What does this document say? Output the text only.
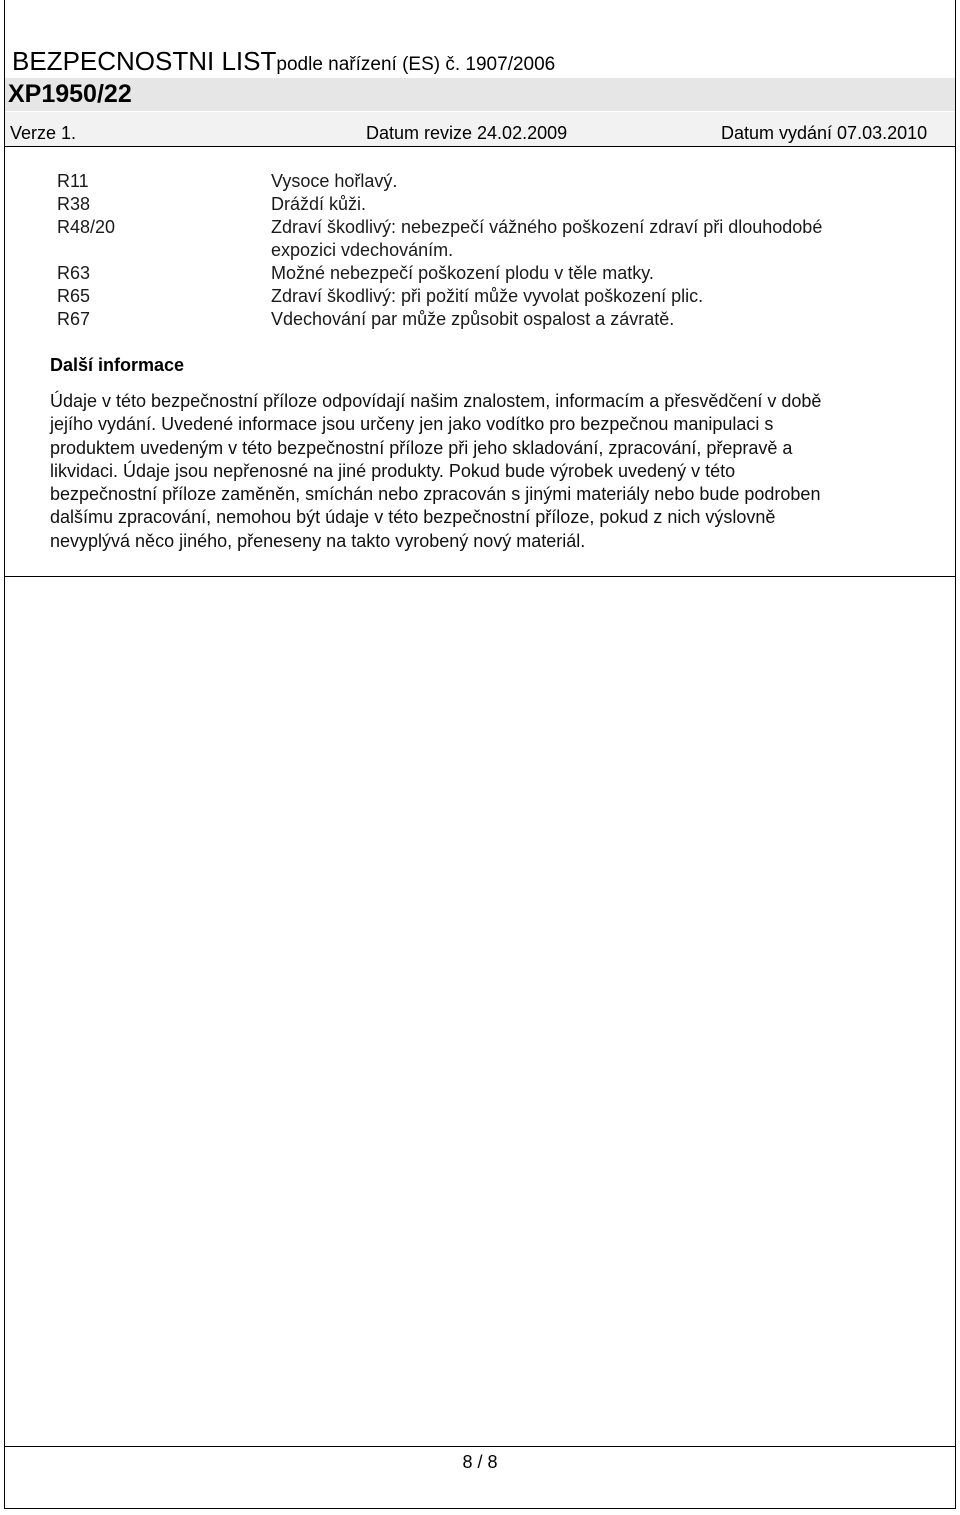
BEZPECNOSTNI LISTpodle nařízení (ES) č. 1907/2006
XP1950/22
Verze 1.	Datum revize 24.02.2009	Datum vydání 07.03.2010
R11	Vysoce hořlavý.
R38	Dráždí kůži.
R48/20	Zdraví škodlivý: nebezpečí vážného poškození zdraví při dlouhodobé
expozici vdechováním.
R63	Možné nebezpečí poškození plodu v těle matky.
R65	Zdraví škodlivý: při požití může vyvolat poškození plic.
R67	Vdechování par může způsobit ospalost a závratě.
Další informace
Údaje v této bezpečnostní příloze odpovídají našim znalostem, informacím a přesvědčení v době
jejího vydání. Uvedené informace jsou určeny jen jako vodítko pro bezpečnou manipulaci s
produktem uvedeným v této bezpečnostní příloze při jeho skladování, zpracování, přepravě a
likvidaci. Údaje jsou nepřenosné na jiné produkty. Pokud bude výrobek uvedený v této
bezpečnostní příloze zaměněn, smíchán nebo zpracován s jinými materiály nebo bude podroben
dalšímu zpracování, nemohou být údaje v této bezpečnostní příloze, pokud z nich výslovně
nevyplývá něco jiného, přeneseny na takto vyrobený nový materiál.
8 / 8
